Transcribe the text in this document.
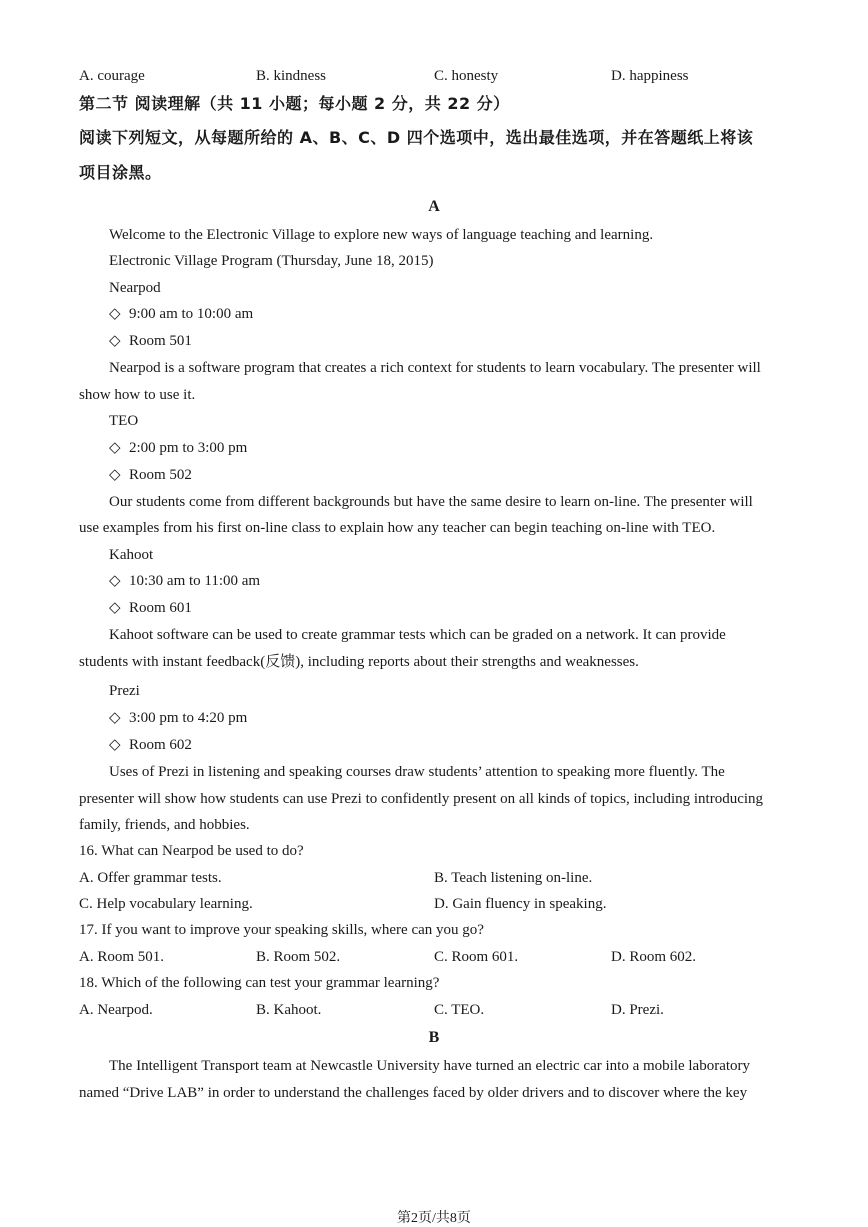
A. courage	B. kindness	C. honesty	D. happiness
第二节 阅读理解（共 11 小题；每小题 2 分，共 22 分）
阅读下列短文，从每题所给的 A、B、C、D 四个选项中，选出最佳选项，并在答题纸上将该
项目涂黑。
A
Welcome to the Electronic Village to explore new ways of language teaching and learning.
Electronic Village Program (Thursday, June 18, 2015)
Nearpod
◇ 9:00 am to 10:00 am
◇ Room 501
Nearpod is a software program that creates a rich context for students to learn vocabulary. The presenter will
show how to use it.
TEO
◇ 2:00 pm to 3:00 pm
◇ Room 502
Our students come from different backgrounds but have the same desire to learn on-line. The presenter will
use examples from his first on-line class to explain how any teacher can begin teaching on-line with TEO.
Kahoot
◇ 10:30 am to 11:00 am
◇ Room 601
Kahoot software can be used to create grammar tests which can be graded on a network. It can provide
students with instant feedback(反馈), including reports about their strengths and weaknesses.
Prezi
◇ 3:00 pm to 4:20 pm
◇ Room 602
Uses of Prezi in listening and speaking courses draw students’ attention to speaking more fluently. The
presenter will show how students can use Prezi to confidently present on all kinds of topics, including introducing
family, friends, and hobbies.
16. What can Nearpod be used to do?
A. Offer grammar tests.	B. Teach listening on-line.
C. Help vocabulary learning.	D. Gain fluency in speaking.
17. If you want to improve your speaking skills, where can you go?
A. Room 501.	B. Room 502.	C. Room 601.	D. Room 602.
18. Which of the following can test your grammar learning?
A. Nearpod.	B. Kahoot.	C. TEO.	D. Prezi.
B
The Intelligent Transport team at Newcastle University have turned an electric car into a mobile laboratory
named “Drive LAB” in order to understand the challenges faced by older drivers and to discover where the key
第2页/共8页
